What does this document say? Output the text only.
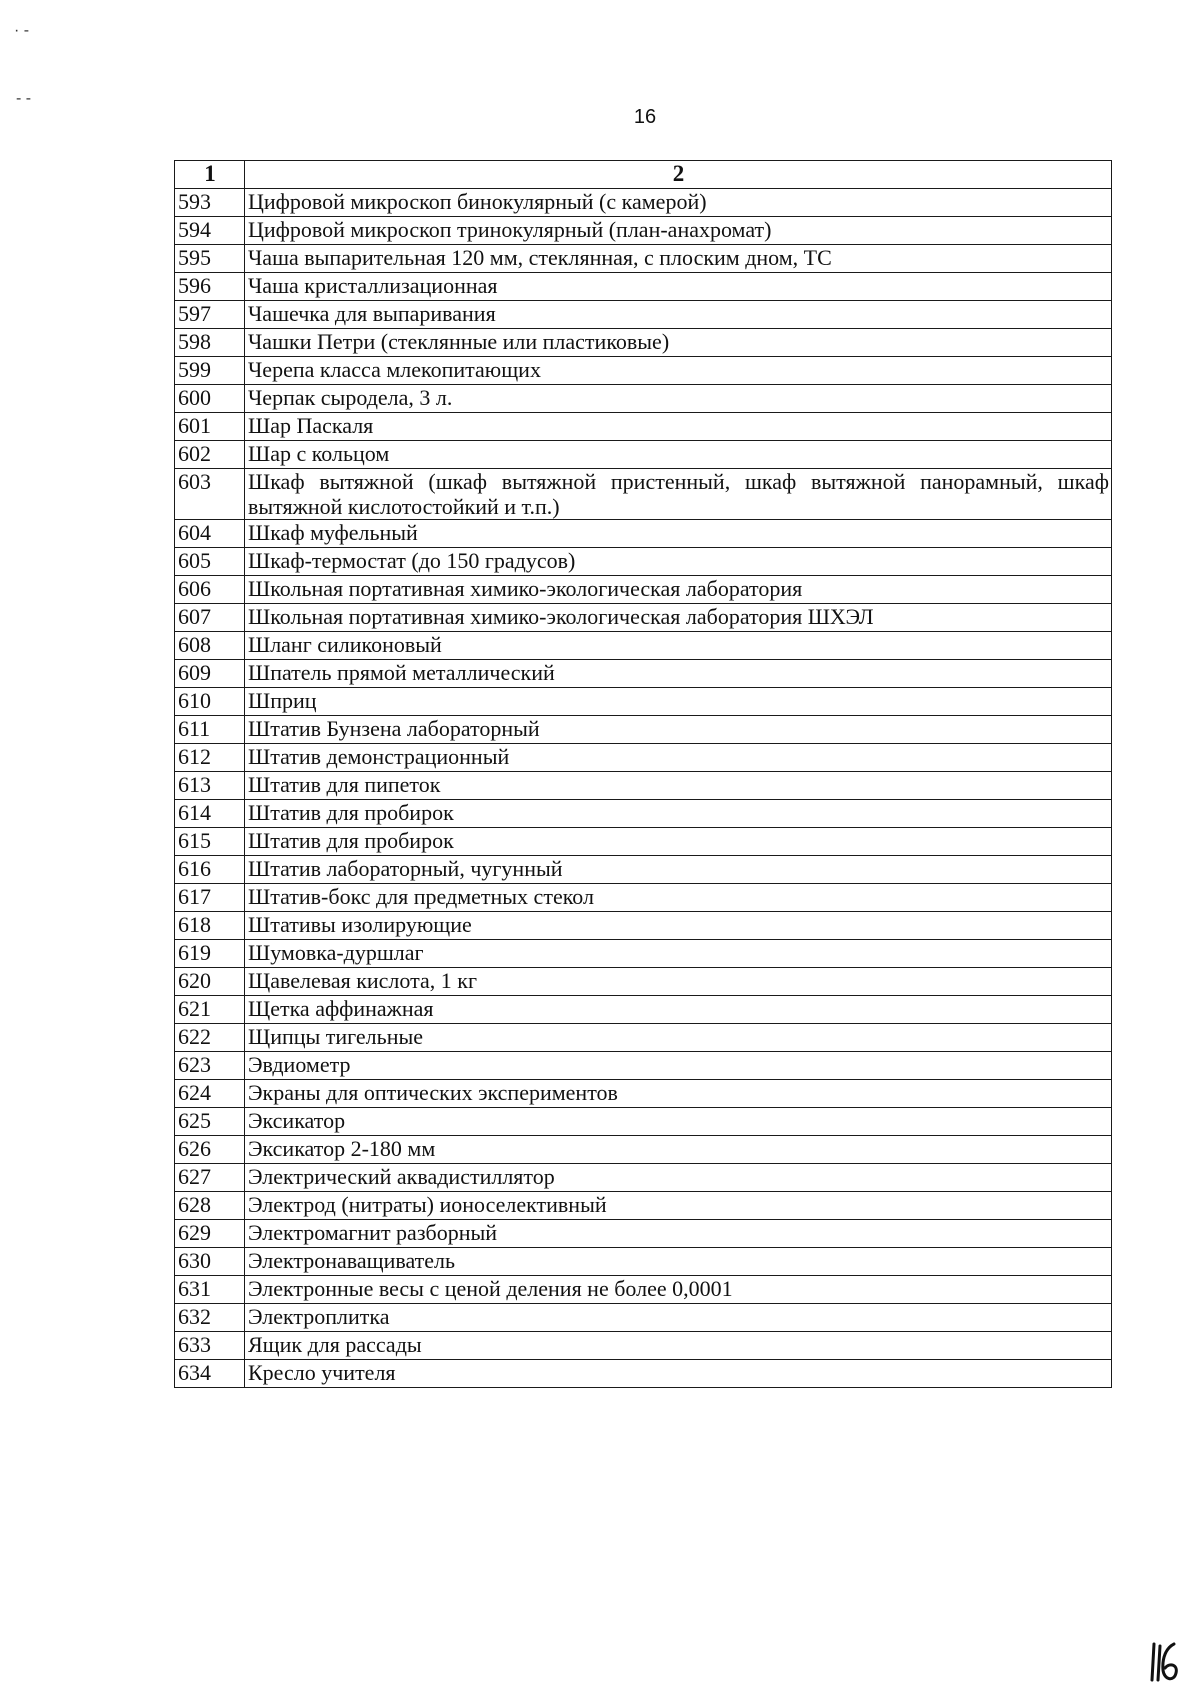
· -
- -
16
1	2
593	Цифровой микроскоп бинокулярный (с камерой)
594	Цифровой микроскоп тринокулярный (план-анахромат)
595	Чаша выпарительная 120 мм, стеклянная, с плоским дном, ТС
596	Чаша кристаллизационная
597	Чашечка для выпаривания
598	Чашки Петри (стеклянные или пластиковые)
599	Черепа класса млекопитающих
600	Черпак сыродела, 3 л.
601	Шар Паскаля
602	Шар с кольцом
603	Шкаф вытяжной (шкаф вытяжной пристенный, шкаф вытяжной панорамный, шкаф вытяжной кислотостойкий и т.п.)
604	Шкаф муфельный
605	Шкаф-термостат (до 150 градусов)
606	Школьная портативная химико-экологическая лаборатория
607	Школьная портативная химико-экологическая лаборатория ШХЭЛ
608	Шланг силиконовый
609	Шпатель прямой металлический
610	Шприц
611	Штатив Бунзена лабораторный
612	Штатив демонстрационный
613	Штатив для пипеток
614	Штатив для пробирок
615	Штатив для пробирок
616	Штатив лабораторный, чугунный
617	Штатив-бокс для предметных стекол
618	Штативы изолирующие
619	Шумовка-дуршлаг
620	Щавелевая кислота, 1 кг
621	Щетка аффинажная
622	Щипцы тигельные
623	Эвдиометр
624	Экраны для оптических экспериментов
625	Эксикатор
626	Эксикатор 2-180 мм
627	Электрический аквадистиллятор
628	Электрод (нитраты) ионоселективный
629	Электромагнит разборный
630	Электронаващиватель
631	Электронные весы с ценой деления не более 0,0001
632	Электроплитка
633	Ящик для рассады
634	Кресло учителя
